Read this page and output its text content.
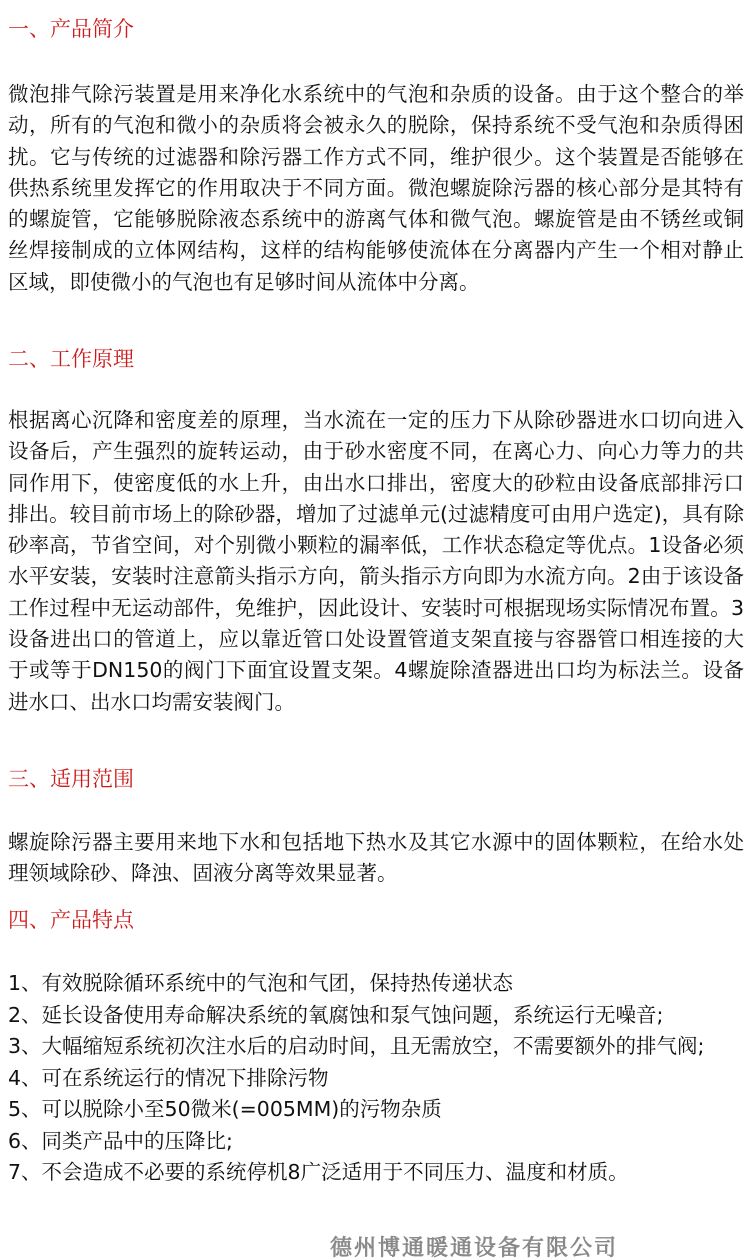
一、产品简介
微泡排气除污装置是用来净化水系统中的气泡和杂质的设备。由于这个整合的举动，所有的气泡和微小的杂质将会被永久的脱除，保持系统不受气泡和杂质得困扰。它与传统的过滤器和除污器工作方式不同，维护很少。这个装置是否能够在供热系统里发挥它的作用取决于不同方面。微泡螺旋除污器的核心部分是其特有的螺旋管，它能够脱除液态系统中的游离气体和微气泡。螺旋管是由不锈丝或铜丝焊接制成的立体网结构，这样的结构能够使流体在分离器内产生一个相对静止区域，即使微小的气泡也有足够时间从流体中分离。
二、工作原理
根据离心沉降和密度差的原理，当水流在一定的压力下从除砂器进水口切向进入设备后，产生强烈的旋转运动，由于砂水密度不同，在离心力、向心力等力的共同作用下，使密度低的水上升，由出水口排出，密度大的砂粒由设备底部排污口排出。较目前市场上的除砂器，增加了过滤单元(过滤精度可由用户选定)，具有除砂率高，节省空间，对个别微小颗粒的漏率低，工作状态稳定等优点。1设备必须水平安装，安装时注意箭头指示方向，箭头指示方向即为水流方向。2由于该设备工作过程中无运动部件，免维护，因此设计、安装时可根据现场实际情况布置。3设备进出口的管道上，应以靠近管口处设置管道支架直接与容器管口相连接的大于或等于DN150的阀门下面宜设置支架。4螺旋除渣器进出口均为标法兰。设备进水口、出水口均需安装阀门。
三、适用范围
螺旋除污器主要用来地下水和包括地下热水及其它水源中的固体颗粒，在给水处理领域除砂、降浊、固液分离等效果显著。
四、产品特点
1、有效脱除循环系统中的气泡和气团，保持热传递状态
2、延长设备使用寿命解决系统的氧腐蚀和泵气蚀问题，系统运行无噪音;
3、大幅缩短系统初次注水后的启动时间，且无需放空，不需要额外的排气阀;
4、可在系统运行的情况下排除污物
5、可以脱除小至50微米(=005MM)的污物杂质
6、同类产品中的压降比;
7、不会造成不必要的系统停机8广泛适用于不同压力、温度和材质。
德州博通暖通设备有限公司
